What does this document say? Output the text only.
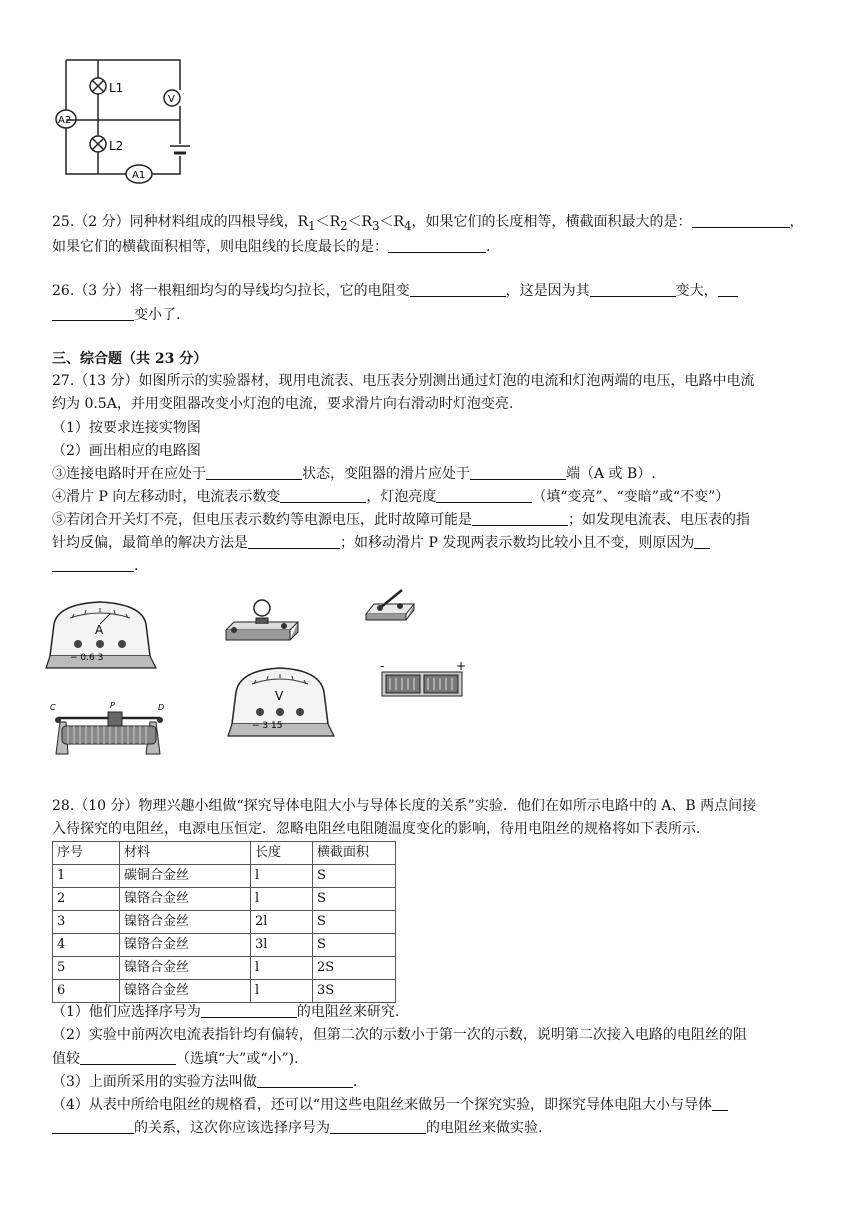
L1
L2
V
A2
A1
25.（2 分）同种材料组成的四根导线，$R_1<R_2<R_3<R_4$，如果它们的长度相等，横截面积最大的是：	，
如果它们的横截面积相等，则电阻线的长度最长的是：	.
26.（3 分）将一根粗细均匀的导线均匀拉长，它的电阻变	，这是因为其	变大，
变小了.
三、综合题（共 23 分）
27.（13 分）如图所示的实验器材，现用电流表、电压表分别测出通过灯泡的电流和灯泡两端的电压，电路中电流
约为 0.5A，并用变阻器改变小灯泡的电流，要求滑片向右滑动时灯泡变亮.
（1）按要求连接实物图
（2）画出相应的电路图
③连接电路时开在应处于	状态，变阻器的滑片应处于	端（A 或 B）.
④滑片 P 向左移动时，电流表示数变	，灯泡亮度	（填“变亮”、“变暗”或“不变”）
⑤若闭合开关灯不亮，但电压表示数约等电源电压，此时故障可能是	；如发现电流表、电压表的指
针均反偏，最简单的解决方法是	；如移动滑片 P 发现两表示数均比较小且不变，则原因为
.
A
− 0.6 3
-	+
V
− 3 15
C	P	D
28.（10 分）物理兴趣小组做“探究导体电阻大小与导体长度的关系”实验．他们在如所示电路中的 A、B 两点间接
入待探究的电阻丝，电源电压恒定．忽略电阻丝电阻随温度变化的影响，待用电阻丝的规格将如下表所示．
序号	材料	长度	横截面积
1	碳铜合金丝	l	S
2	镍铬合金丝	l	S
3	镍铬合金丝	2l	S
4	镍铬合金丝	3l	S
5	镍铬合金丝	l	2S
6	镍铬合金丝	l	3S
（1）他们应选择序号为	的电阻丝来研究.
（2）实验中前两次电流表指针均有偏转，但第二次的示数小于第一次的示数，说明第二次接入电路的电阻丝的阻
值较	（选填“大”或“小”).
（3）上面所采用的实验方法叫做	.
（4）从表中所给电阻丝的规格看，还可以“用这些电阻丝来做另一个探究实验，即探究导体电阻大小与导体
的关系，这次你应该选择序号为	的电阻丝来做实验.
